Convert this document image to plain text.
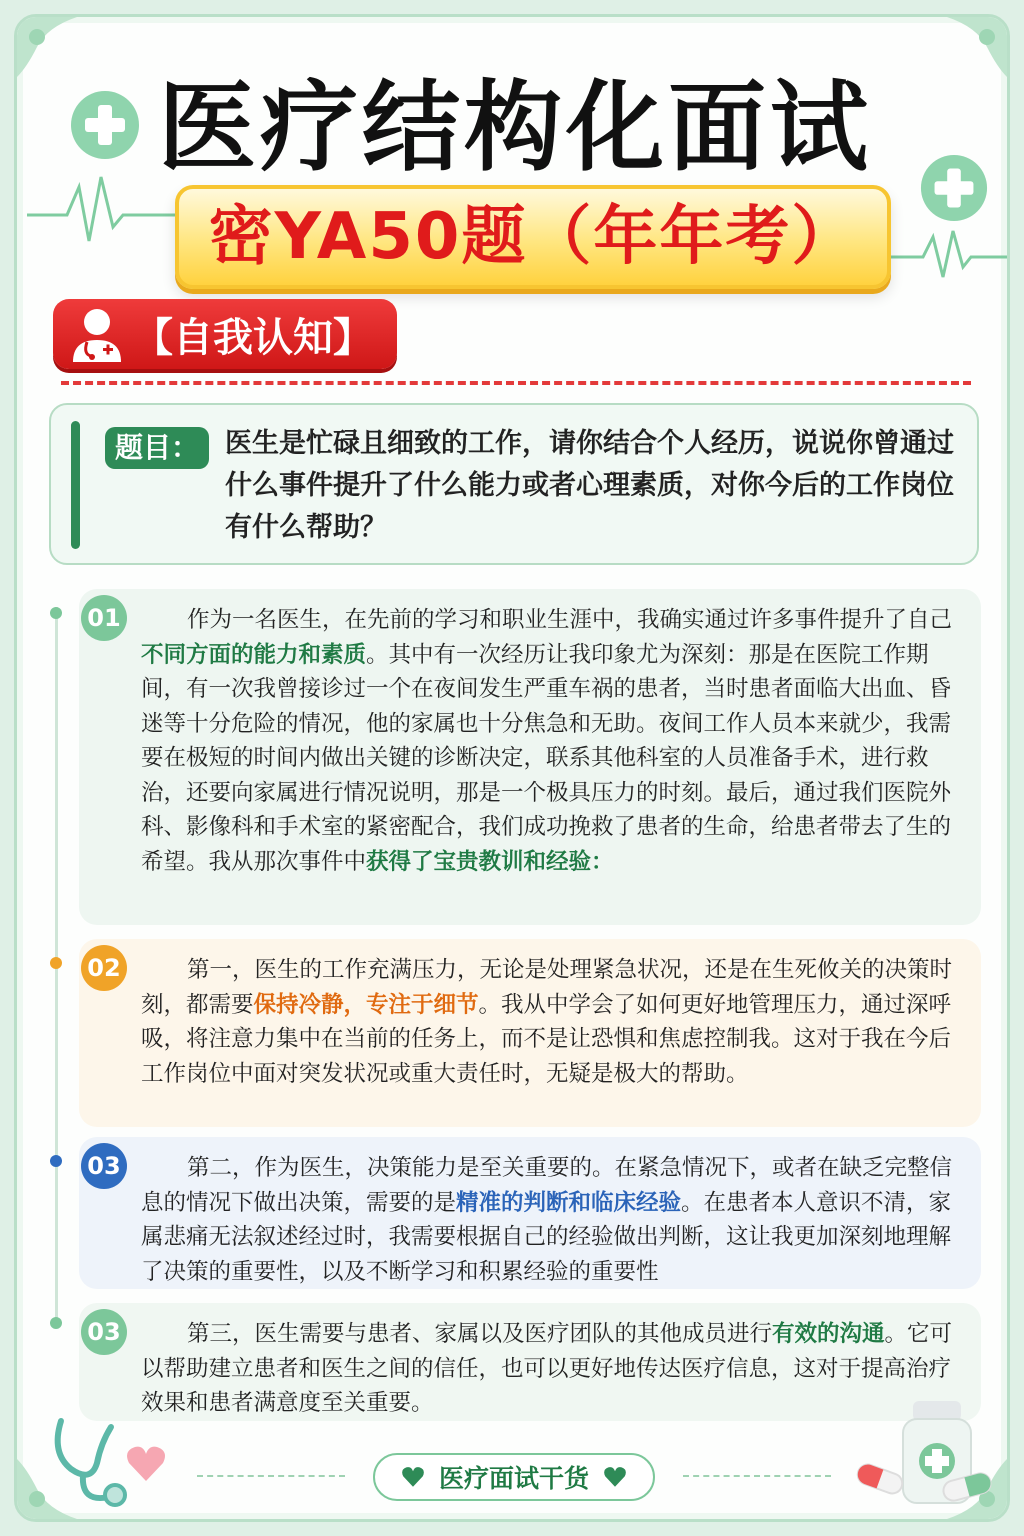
医疗结构化面试
密YA50题（年年考）
【自我认知】
题目： 医生是忙碌且细致的工作，请你结合个人经历，说说你曾通过什么事件提升了什么能力或者心理素质，对你今后的工作岗位有什么帮助？
01	作为一名医生，在先前的学习和职业生涯中，我确实通过许多事件提升了自己不同方面的能力和素质。其中有一次经历让我印象尤为深刻：那是在医院工作期间，有一次我曾接诊过一个在夜间发生严重车祸的患者，当时患者面临大出血、昏迷等十分危险的情况，他的家属也十分焦急和无助。夜间工作人员本来就少，我需要在极短的时间内做出关键的诊断决定，联系其他科室的人员准备手术，进行救治，还要向家属进行情况说明，那是一个极具压力的时刻。最后，通过我们医院外科、影像科和手术室的紧密配合，我们成功挽救了患者的生命，给患者带去了生的希望。我从那次事件中获得了宝贵教训和经验：

02	第一，医生的工作充满压力，无论是处理紧急状况，还是在生死攸关的决策时刻，都需要保持冷静，专注于细节。我从中学会了如何更好地管理压力，通过深呼吸，将注意力集中在当前的任务上，而不是让恐惧和焦虑控制我。这对于我在今后工作岗位中面对突发状况或重大责任时，无疑是极大的帮助。

03	第二，作为医生，决策能力是至关重要的。在紧急情况下，或者在缺乏完整信息的情况下做出决策，需要的是精准的判断和临床经验。在患者本人意识不清，家属悲痛无法叙述经过时，我需要根据自己的经验做出判断，这让我更加深刻地理解了决策的重要性，以及不断学习和积累经验的重要性

03	第三，医生需要与患者、家属以及医疗团队的其他成员进行有效的沟通。它可以帮助建立患者和医生之间的信任，也可以更好地传达医疗信息，这对于提高治疗效果和患者满意度至关重要。

医疗面试干货
